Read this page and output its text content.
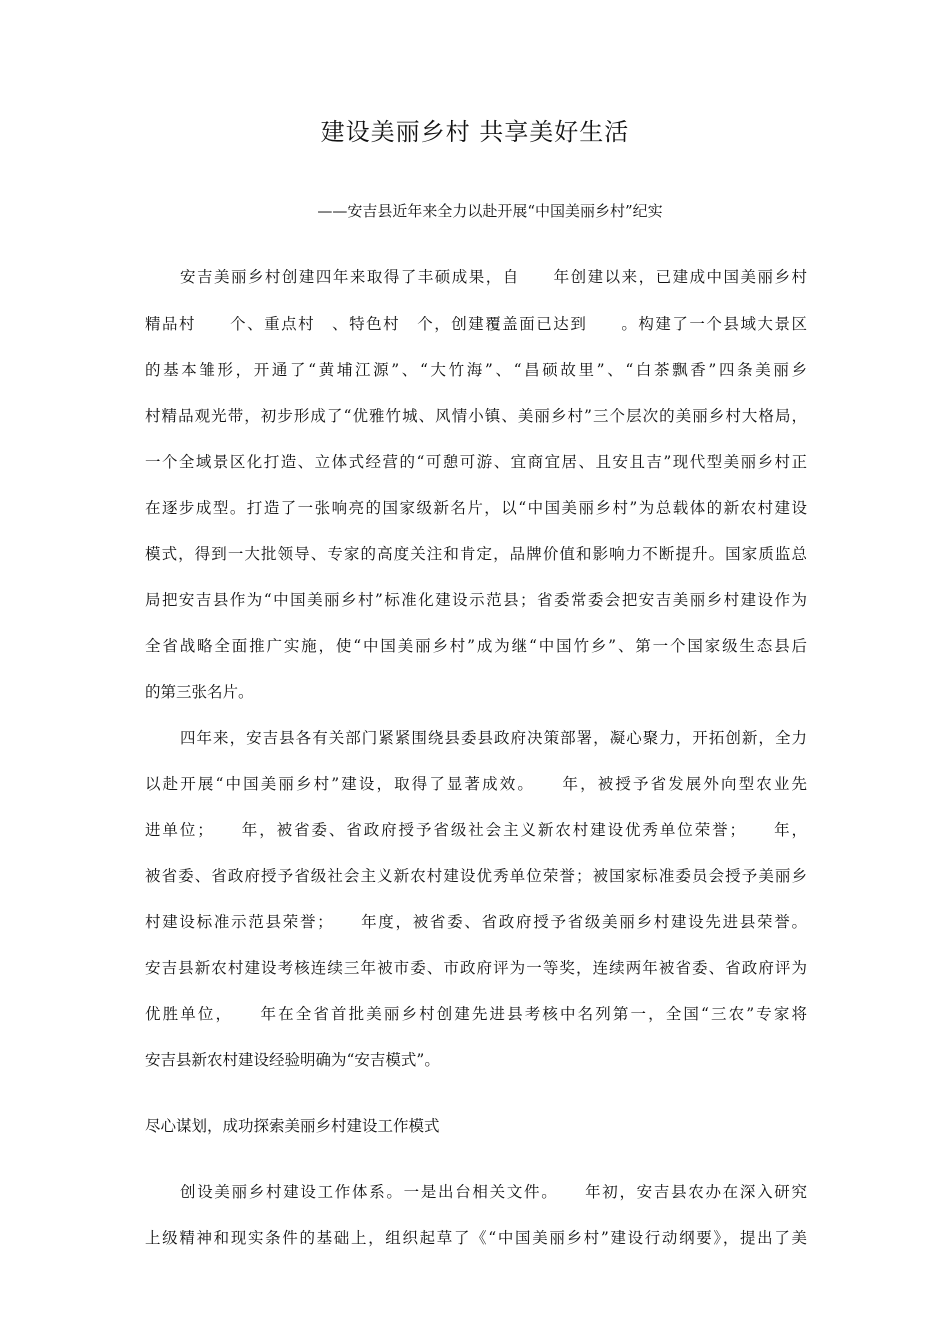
建设美丽乡村 共享美好生活
——安吉县近年来全力以赴开展“中国美丽乡村”纪实
安吉美丽乡村创建四年来取得了丰硕成果，自　　年创建以来，已建成中国美丽乡村
精品村　　个、重点村　、特色村　个，创建覆盖面已达到　　。构建了一个县域大景区
的基本雏形，开通了“黄埔江源”、“大竹海”、“昌硕故里”、“白茶飘香”四条美丽乡
村精品观光带，初步形成了“优雅竹城、风情小镇、美丽乡村”三个层次的美丽乡村大格局，
一个全域景区化打造、立体式经营的“可憩可游、宜商宜居、且安且吉”现代型美丽乡村正
在逐步成型。打造了一张响亮的国家级新名片，以“中国美丽乡村”为总载体的新农村建设
模式，得到一大批领导、专家的高度关注和肯定，品牌价值和影响力不断提升。国家质监总
局把安吉县作为“中国美丽乡村”标准化建设示范县；省委常委会把安吉美丽乡村建设作为
全省战略全面推广实施，使“中国美丽乡村”成为继“中国竹乡”、第一个国家级生态县后
的第三张名片。
四年来，安吉县各有关部门紧紧围绕县委县政府决策部署，凝心聚力，开拓创新，全力
以赴开展“中国美丽乡村”建设，取得了显著成效。　　年，被授予省发展外向型农业先
进单位；　　年，被省委、省政府授予省级社会主义新农村建设优秀单位荣誉；　　年，
被省委、省政府授予省级社会主义新农村建设优秀单位荣誉；被国家标准委员会授予美丽乡
村建设标准示范县荣誉；　　年度，被省委、省政府授予省级美丽乡村建设先进县荣誉。
安吉县新农村建设考核连续三年被市委、市政府评为一等奖，连续两年被省委、省政府评为
优胜单位，　　年在全省首批美丽乡村创建先进县考核中名列第一，全国“三农”专家将
安吉县新农村建设经验明确为“安吉模式”。
尽心谋划，成功探索美丽乡村建设工作模式
创设美丽乡村建设工作体系。一是出台相关文件。　　年初，安吉县农办在深入研究
上级精神和现实条件的基础上，组织起草了《“中国美丽乡村”建设行动纲要》，提出了美
